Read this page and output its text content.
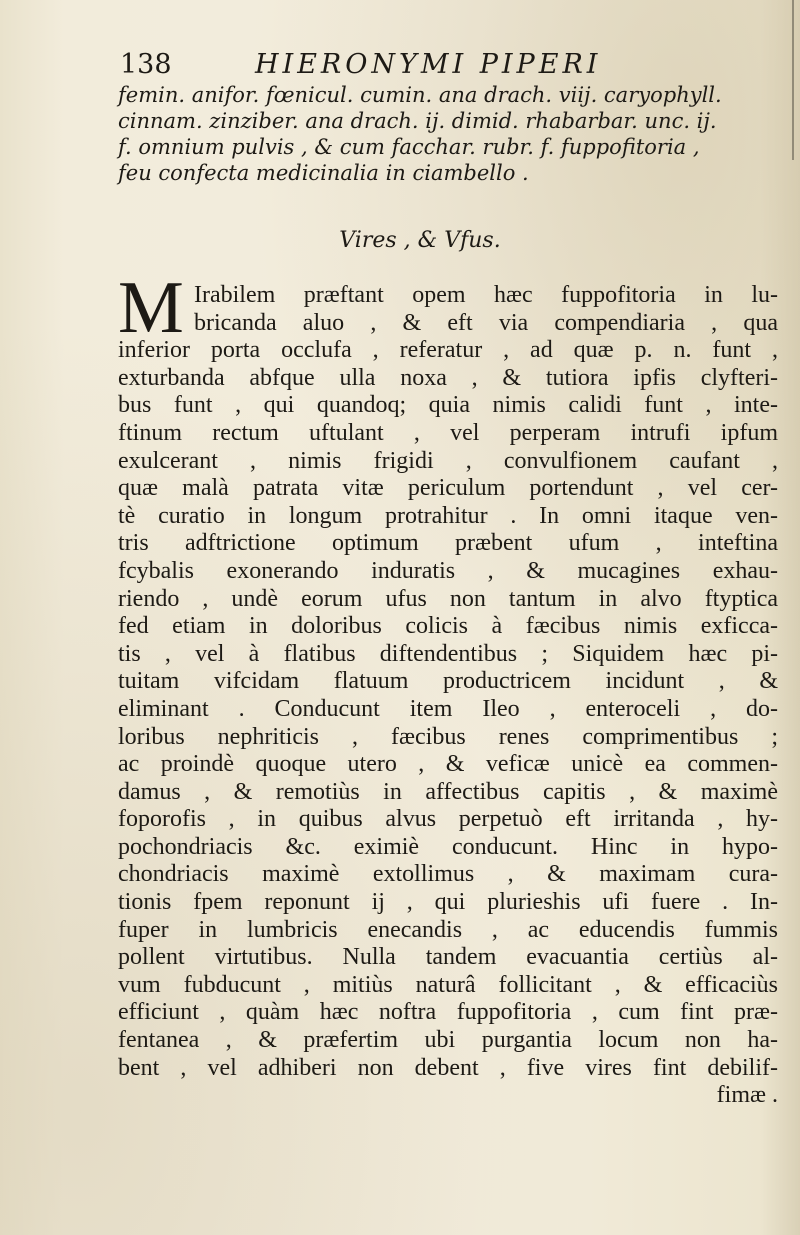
138	HIERONYMI PIPERI
femin. anifor. fœnicul. cumin. ana drach. viij. caryophyll.
cinnam. zinziber. ana drach. ij. dimid. rhabarbar. unc. ij.
f. omnium pulvis , & cum facchar. rubr. f. fuppofitoria ,
feu confecta medicinalia in ciambello .
Vires , & Vfus.
M Irabilem præftant opem hæc fuppofitoria in lu-
bricanda aluo , & eft via compendiaria , qua
inferior porta occlufa , referatur , ad quæ p. n. funt ,
exturbanda abfque ulla noxa , & tutiora ipfis clyfteri-
bus funt , qui quandoq; quia nimis calidi funt , inte-
ftinum rectum uftulant , vel perperam intrufi ipfum
exulcerant , nimis frigidi , convulfionem caufant ,
quæ malà patrata vitæ periculum portendunt , vel cer-
tè curatio in longum protrahitur . In omni itaque ven-
tris adftrictione optimum præbent ufum , inteftina
fcybalis exonerando induratis , & mucagines exhau-
riendo , undè eorum ufus non tantum in alvo ftyptica
fed etiam in doloribus colicis à fæcibus nimis exficca-
tis , vel à flatibus diftendentibus ; Siquidem hæc pi-
tuitam vifcidam flatuum productricem incidunt , &
eliminant . Conducunt item Ileo , enteroceli , do-
loribus nephriticis , fæcibus renes comprimentibus ;
ac proindè quoque utero , & veficæ unicè ea commen-
damus , & remotiùs in affectibus capitis , & maximè
foporofis , in quibus alvus perpetuò eft irritanda , hy-
pochondriacis &c. eximiè conducunt. Hinc in hypo-
chondriacis maximè extollimus , & maximam cura-
tionis fpem reponunt ij , qui plurieshis ufi fuere . In-
fuper in lumbricis enecandis , ac educendis fummis
pollent virtutibus. Nulla tandem evacuantia certiùs al-
vum fubducunt , mitiùs naturâ follicitant , & efficaciùs
efficiunt , quàm hæc noftra fuppofitoria , cum fint præ-
fentanea , & præfertim ubi purgantia locum non ha-
bent , vel adhiberi non debent , five vires fint debilif-
fimæ .
